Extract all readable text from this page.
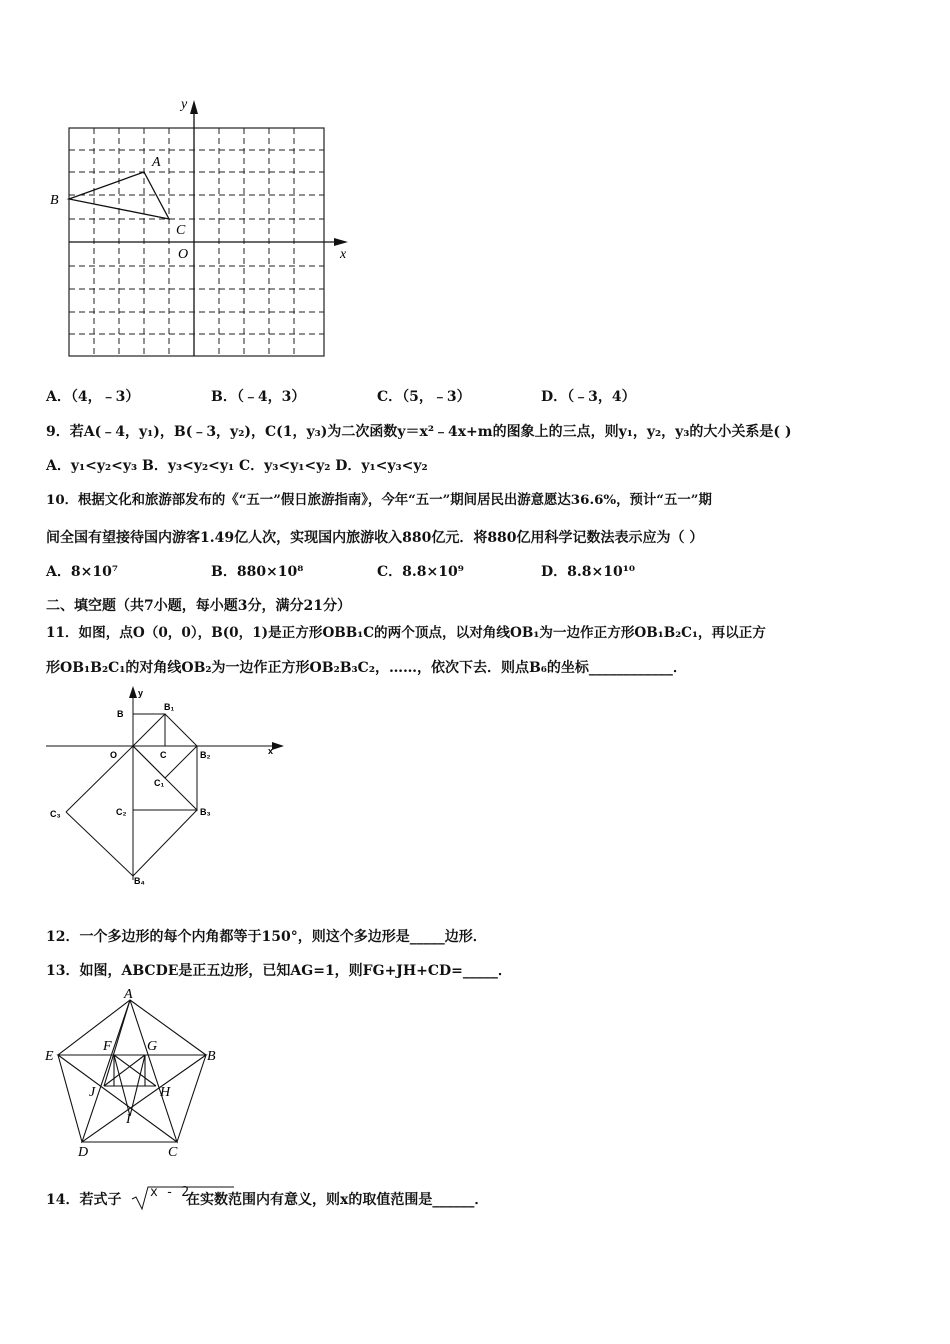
y
x
O
A
B
C
A．（4，﹣3）	B．（﹣4，3）	C．（5，﹣3）	D．（﹣3，4）
9．若A(﹣4，y₁)，B(﹣3，y₂)，C(1，y₃)为二次函数y＝x²﹣4x+m的图象上的三点，则y₁，y₂，y₃的大小关系是( )
A．y₁<y₂<y₃ B．y₃<y₂<y₁ C．y₃<y₁<y₂ D．y₁<y₃<y₂
10．根据文化和旅游部发布的《“五一”假日旅游指南》，今年“五一”期间居民出游意愿达36.6%，预计“五一”期
间全国有望接待国内游客1.49亿人次，实现国内旅游收入880亿元．将880亿用科学记数法表示应为（ ）
A．8×10⁷	B．880×10⁸	C．8.8×10⁹	D．8.8×10¹⁰
二、填空题（共7小题，每小题3分，满分21分）
11．如图，点O（0，0），B(0，1)是正方形OBB₁C的两个顶点，以对角线OB₁为一边作正方形OB₁B₂C₁，再以正方
形OB₁B₂C₁的对角线OB₂为一边作正方形OB₂B₃C₂，……，依次下去．则点B₆的坐标____________．
y
B
B₁
O	C	B₂	x
C₁
C₃	C₂	B₃
B₄
12．一个多边形的每个内角都等于150°，则这个多边形是_____边形．
13．如图，ABCDE是正五边形，已知AG=1，则FG+JH+CD=_____．
A
E	B
F	G
J	H
I
D	C
14．若式子 x - 2
在实数范围内有意义，则x的取值范围是______．
